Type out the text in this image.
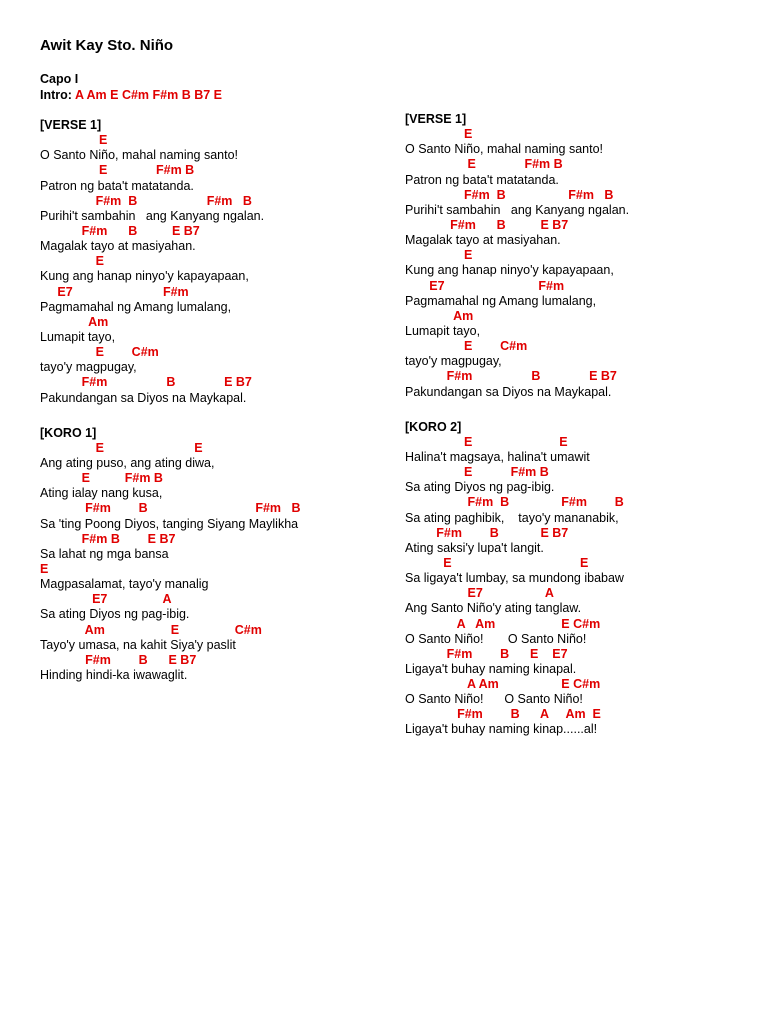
Awit Kay Sto. Niño
Capo I
Intro: A Am E C#m F#m B B7 E
[VERSE 1]
E
O Santo Niño, mahal naming santo!
E              F#m B
Patron ng bata't matatanda.
F#m  B                    F#m   B
Purihi't sambahin   ang Kanyang ngalan.
F#m      B          E B7
Magalak tayo at masiyahan.
E
Kung ang hanap ninyo'y kapayapaan,
E7                          F#m
Pagmamahal ng Amang lumalang,
Am
Lumapit tayo,
E        C#m
tayo'y magpugay,
F#m                 B              E B7
Pakundangan sa Diyos na Maykapal.
[KORO 1]
E                          E
Ang ating puso, ang ating diwa,
E          F#m B
Ating ialay nang kusa,
F#m        B                               F#m   B
Sa 'ting Poong Diyos, tanging Siyang Maylikha
F#m B        E B7
Sa lahat ng mga bansa
E
Magpasalamat, tayo'y manalig
E7                A
Sa ating Diyos ng pag-ibig.
Am                   E                C#m
Tayo'y umasa, na kahit Siya'y paslit
F#m        B      E B7
Hinding hindi-ka iwawaglit.
[VERSE 1]
E
O Santo Niño, mahal naming santo!
E              F#m B
Patron ng bata't matatanda.
F#m  B                  F#m   B
Purihi't sambahin   ang Kanyang ngalan.
F#m      B          E B7
Magalak tayo at masiyahan.
E
Kung ang hanap ninyo'y kapayapaan,
E7                           F#m
Pagmamahal ng Amang lumalang,
Am
Lumapit tayo,
E        C#m
tayo'y magpugay,
F#m                 B              E B7
Pakundangan sa Diyos na Maykapal.
[KORO 2]
E                         E
Halina't magsaya, halina't umawit
E           F#m B
Sa ating Diyos ng pag-ibig.
F#m  B               F#m        B
Sa ating paghibik,    tayo'y mananabik,
F#m        B            E B7
Ating saksi'y lupa't langit.
E                                     E
Sa ligaya't lumbay, sa mundong ibabaw
E7                  A
Ang Santo Niño'y ating tanglaw.
A   Am                   E C#m
O Santo Niño!       O Santo Niño!
F#m        B      E    E7
Ligaya't buhay naming kinapal.
A Am                  E C#m
O Santo Niño!      O Santo Niño!
F#m        B      A     Am  E
Ligaya't buhay naming kinap......al!
